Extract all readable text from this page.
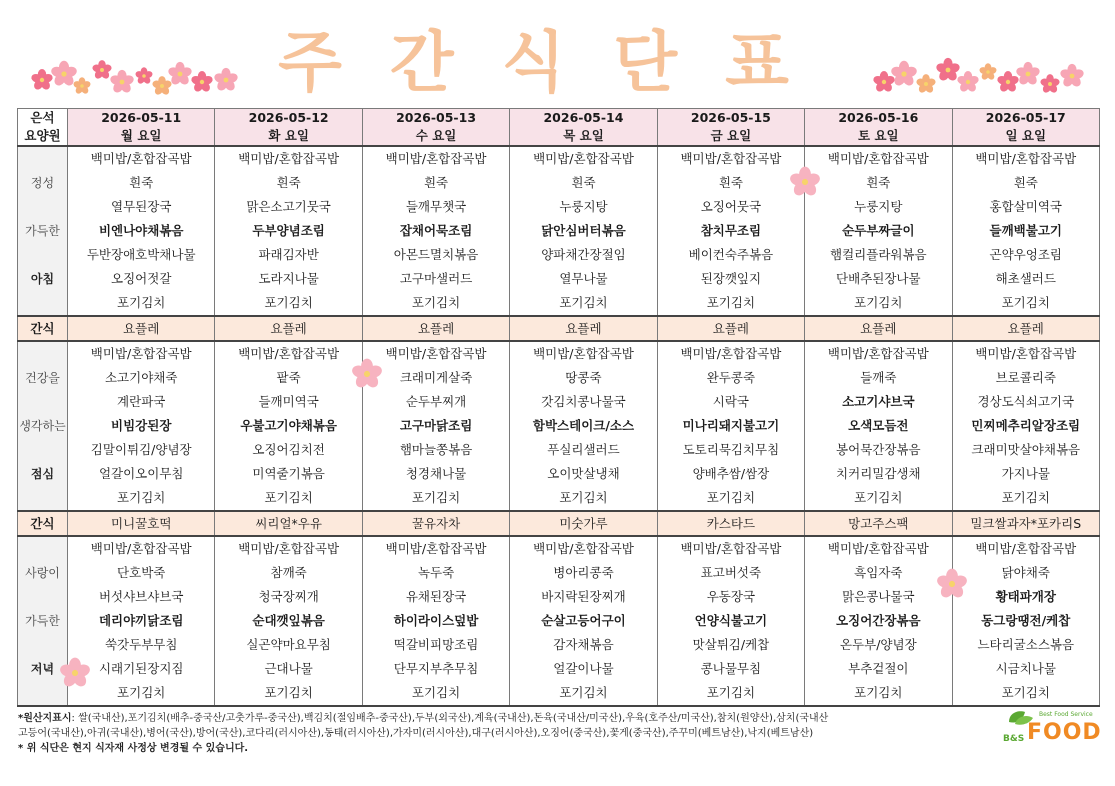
주간식단표
은석	2026-05-11	2026-05-12	2026-05-13	2026-05-14	2026-05-15	2026-05-16	2026-05-17
요양원	월 요일	화 요일	수 요일	목 요일	금 요일	토 요일	일 요일
	백미밥/혼합잡곡밥	백미밥/혼합잡곡밥	백미밥/혼합잡곡밥	백미밥/혼합잡곡밥	백미밥/혼합잡곡밥	백미밥/혼합잡곡밥	백미밥/혼합잡곡밥
정성	흰죽	흰죽	흰죽	흰죽	흰죽	흰죽	흰죽
	열무된장국	맑은소고기뭇국	들깨무챗국	누룽지탕	오징어뭇국	누룽지탕	홍합살미역국
가득한	비엔나야채볶음	두부양념조림	잡채어묵조림	닭안심버터볶음	참치무조림	순두부짜글이	들깨백불고기
	두반장애호박채나물	파래김자반	아몬드멸치볶음	양파채간장절임	베이컨숙주볶음	햄컬리플라워볶음	곤약우엉조림
아침	오징어젓갈	도라지나물	고구마샐러드	열무나물	된장깻잎지	단배추된장나물	해초샐러드
	포기김치	포기김치	포기김치	포기김치	포기김치	포기김치	포기김치
간식	요플레	요플레	요플레	요플레	요플레	요플레	요플레
	백미밥/혼합잡곡밥	백미밥/혼합잡곡밥	백미밥/혼합잡곡밥	백미밥/혼합잡곡밥	백미밥/혼합잡곡밥	백미밥/혼합잡곡밥	백미밥/혼합잡곡밥
건강을	소고기야채죽	팥죽	크래미게살죽	땅콩죽	완두콩죽	들깨죽	브로콜리죽
	계란파국	들깨미역국	순두부찌개	갓김치콩나물국	시락국	소고기샤브국	경상도식쇠고기국
생각하는	비빔강된장	우불고기야채볶음	고구마닭조림	함박스테이크/소스	미나리돼지불고기	오색모듬전	민찌메추리알장조림
	김말이튀김/양념장	오징어김치전	햄마늘쫑볶음	푸실리샐러드	도토리묵김치무침	봉어묵간장볶음	크래미맛살야채볶음
점심	얼갈이오이무침	미역줄기볶음	청경채나물	오이맛살냉채	양배추쌈/쌈장	치커리밀감생채	가지나물
	포기김치	포기김치	포기김치	포기김치	포기김치	포기김치	포기김치
간식	미니꿀호떡	씨리얼*우유	꿀유자차	미숫가루	카스타드	망고주스팩	밀크쌀과자*포카리S
	백미밥/혼합잡곡밥	백미밥/혼합잡곡밥	백미밥/혼합잡곡밥	백미밥/혼합잡곡밥	백미밥/혼합잡곡밥	백미밥/혼합잡곡밥	백미밥/혼합잡곡밥
사랑이	단호박죽	참깨죽	녹두죽	병아리콩죽	표고버섯죽	흑임자죽	닭야채죽
	버섯샤브샤브국	청국장찌개	유채된장국	바지락된장찌개	우동장국	맑은콩나물국	황태파개장
가득한	데리야끼닭조림	순대깻잎볶음	하이라이스덮밥	순살고등어구이	언양식불고기	오징어간장볶음	동그랑땡전/케찹
	쑥갓두부무침	실곤약마요무침	떡갈비피망조림	감자채볶음	맛살튀김/케찹	온두부/양념장	느타리굴소스볶음
저녁	시래기된장지짐	근대나물	단무지부추무침	얼갈이나물	콩나물무침	부추겉절이	시금치나물
	포기김치	포기김치	포기김치	포기김치	포기김치	포기김치	포기김치
*원산지표시: 쌀(국내산),포기김치(배추-중국산/고춧가루-중국산),백김치(절임배추-중국산),두부(외국산),계육(국내산),돈육(국내산/미국산),우육(호주산/미국산),참치(원양산),삼치(국내산
고등어(국내산),아귀(국내산),병어(국산),방어(국산),코다리(러시아산),동태(러시아산),가자미(러시아산),대구(러시아산),오징어(중국산),꽃게(중국산),주꾸미(베트남산),낙지(베트남산)
* 위 식단은 현지 식자재 사정상 변경될 수 있습니다.
Best Food Service
B&S FOOD
